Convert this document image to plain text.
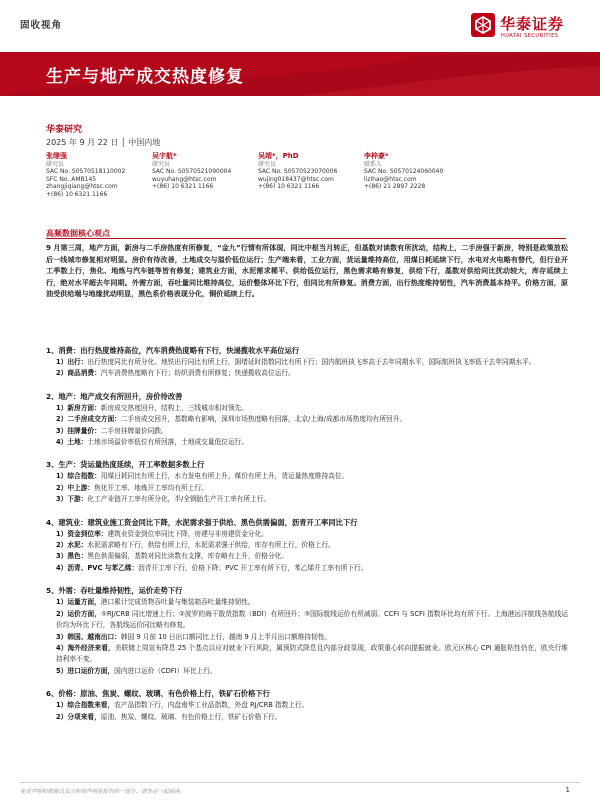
固收视角	华泰证券
HUATAI SECURITIES
生产与地产成交热度修复
华泰研究
2025 年 9 月 22 日 │ 中国内地
张继强
研究员
SAC No. S0570518110002
SFC No. AMB145
zhangjiqiang@htsc.com
+(86) 10 6321 1166
吴宇航*
研究员
SAC No. S0570521090004
wuyuhang@htsc.com
+(86) 10 6321 1166
吴靖*，PhD
研究员
SAC No. S0570523070006
wujing018437@htsc.com
+(86) 10 6321 1166
李梓豪*
联系人
SAC No. S0570124060040
lizihao@htsc.com
+(86) 21 2897 2228
高频数据核心观点
9 月第三周，地产方面，新房与二手房热度有所修复，“金九”行情有所体现，同比中枢当月转正，但基数对读数有所扰动，结构上，二手房强于新房，特别是政策放松后一线城市修复相对明显。房价有待改善，土地成交与溢价低位运行；生产端来看，工业方面，货运量维持高位，用煤日耗延续下行，水电对火电略有替代，但行业开工季数上行，焦化、地炼与汽车链等皆有修复；建筑业方面，水泥需求稀平、供给低位运行，黑色需求略有修复，供给下行，基数对供给同比扰动较大，库存延续上行，绝对水平超去年同期。外需方面，吞吐量同比维持高位，运价整体环比下行，但同比有所修复。消费方面，出行热度维持韧性，汽车消费基本持平。价格方面，原油受供给端与地缘扰动明显，黑色系价格表现分化，铜价延续上行。
1、消费：出行热度维持高位，汽车消费热度略有下行，快递揽收水平高位运行
1）出行：出行热度同比有所分化。地铁出行同比有所上行，拥堵延时指数同比有所下行；国内航班执飞率高于去年同期水平，国际航班执飞率低于去年同期水平。
2）商品消费：汽车消费热度略有下行；纺织消费有所修复；快递揽收高位运行。
2、地产：地产成交有所回升，房价待改善
1）新房方面：新房成交热度回升，结构上，三线城市相对领先。
2）二手房成交方面：二手房成交回升，基数略有影响，深圳市场热度略有回落，北京/上海/成都市场热度均有所回升。
3）挂牌量价：二手房挂牌量价同跌。
4）土地：土地市场溢价率低位有所回落，土地成交量低位运行。
3、生产：货运量热度延续，开工率数据多数上行
1）综合指数：用煤日耗同比有所上行，水力发电有所上升，煤价有所上升，货运量热度维持高位。
2）中上游：焦化开工率、地炼开工率均有所上行。
3）下游：化工产业链开工率有所分化，半/全钢胎生产开工率有所上行。
4、建筑业：建筑业施工资金同比下降，水泥需求强于供给、黑色供需偏弱，沥青开工率同比下行
1）资金到位率：建筑业资金到位率同比下降，房建与非房建资金分化。
2）水泥：水泥需求略有下行，供给有所上行，水泥需求强于供给，库存有所上行，价格上行。
3）黑色：黑色供需偏弱，基数对同比读数有支撑，库存略有上升，价格分化。
4）沥青、PVC 与苯乙烯：沥青开工率下行，价格下降；PVC 开工率有所下行，苯乙烯开工率有所下行。
5、外需：吞吐量维持韧性，运价走势下行
1）运量方面，港口累计完成货物吞吐量与集装箱吞吐量维持韧性。
2）运价方面，①RJ/CRB 同比增速上行；②波罗的海干散货指数（BDI）有所回升；③国际航线运价有所减弱。CCFI 与 SCFI 指数环比均有所下行。上海港远洋航线各航线运价均为环比下行，各航线运价同比略有修复。
3）韩国、越南出口：韩国 9 月前 10 日出口额同比上行，越南 9 月上半月出口额维持韧性。
4）海外经济来看，美联储上周宣布降息 25 个基点以应对就业下行风险，属预防式降息且内部分歧显现，政策重心转向提振就业。欧元区核心 CPI 通胀粘性仍在，欧央行维持利率不变。
5）进口运价方面，国内进口运价（CDFI）环比上行。
6、价格：原油、焦炭、螺纹、玻璃、有色价格上行，铁矿石价格下行
1）综合指数来看，农产品指数下行，内盘南华工业品指数，外盘 RJ/CRB 指数上行。
2）分项来看，原油、焦炭、螺纹、玻璃、有色价格上行，铁矿石价格下行。
免责声明和披露以及分析师声明是报告的一部分，请务必一起阅读。	1
